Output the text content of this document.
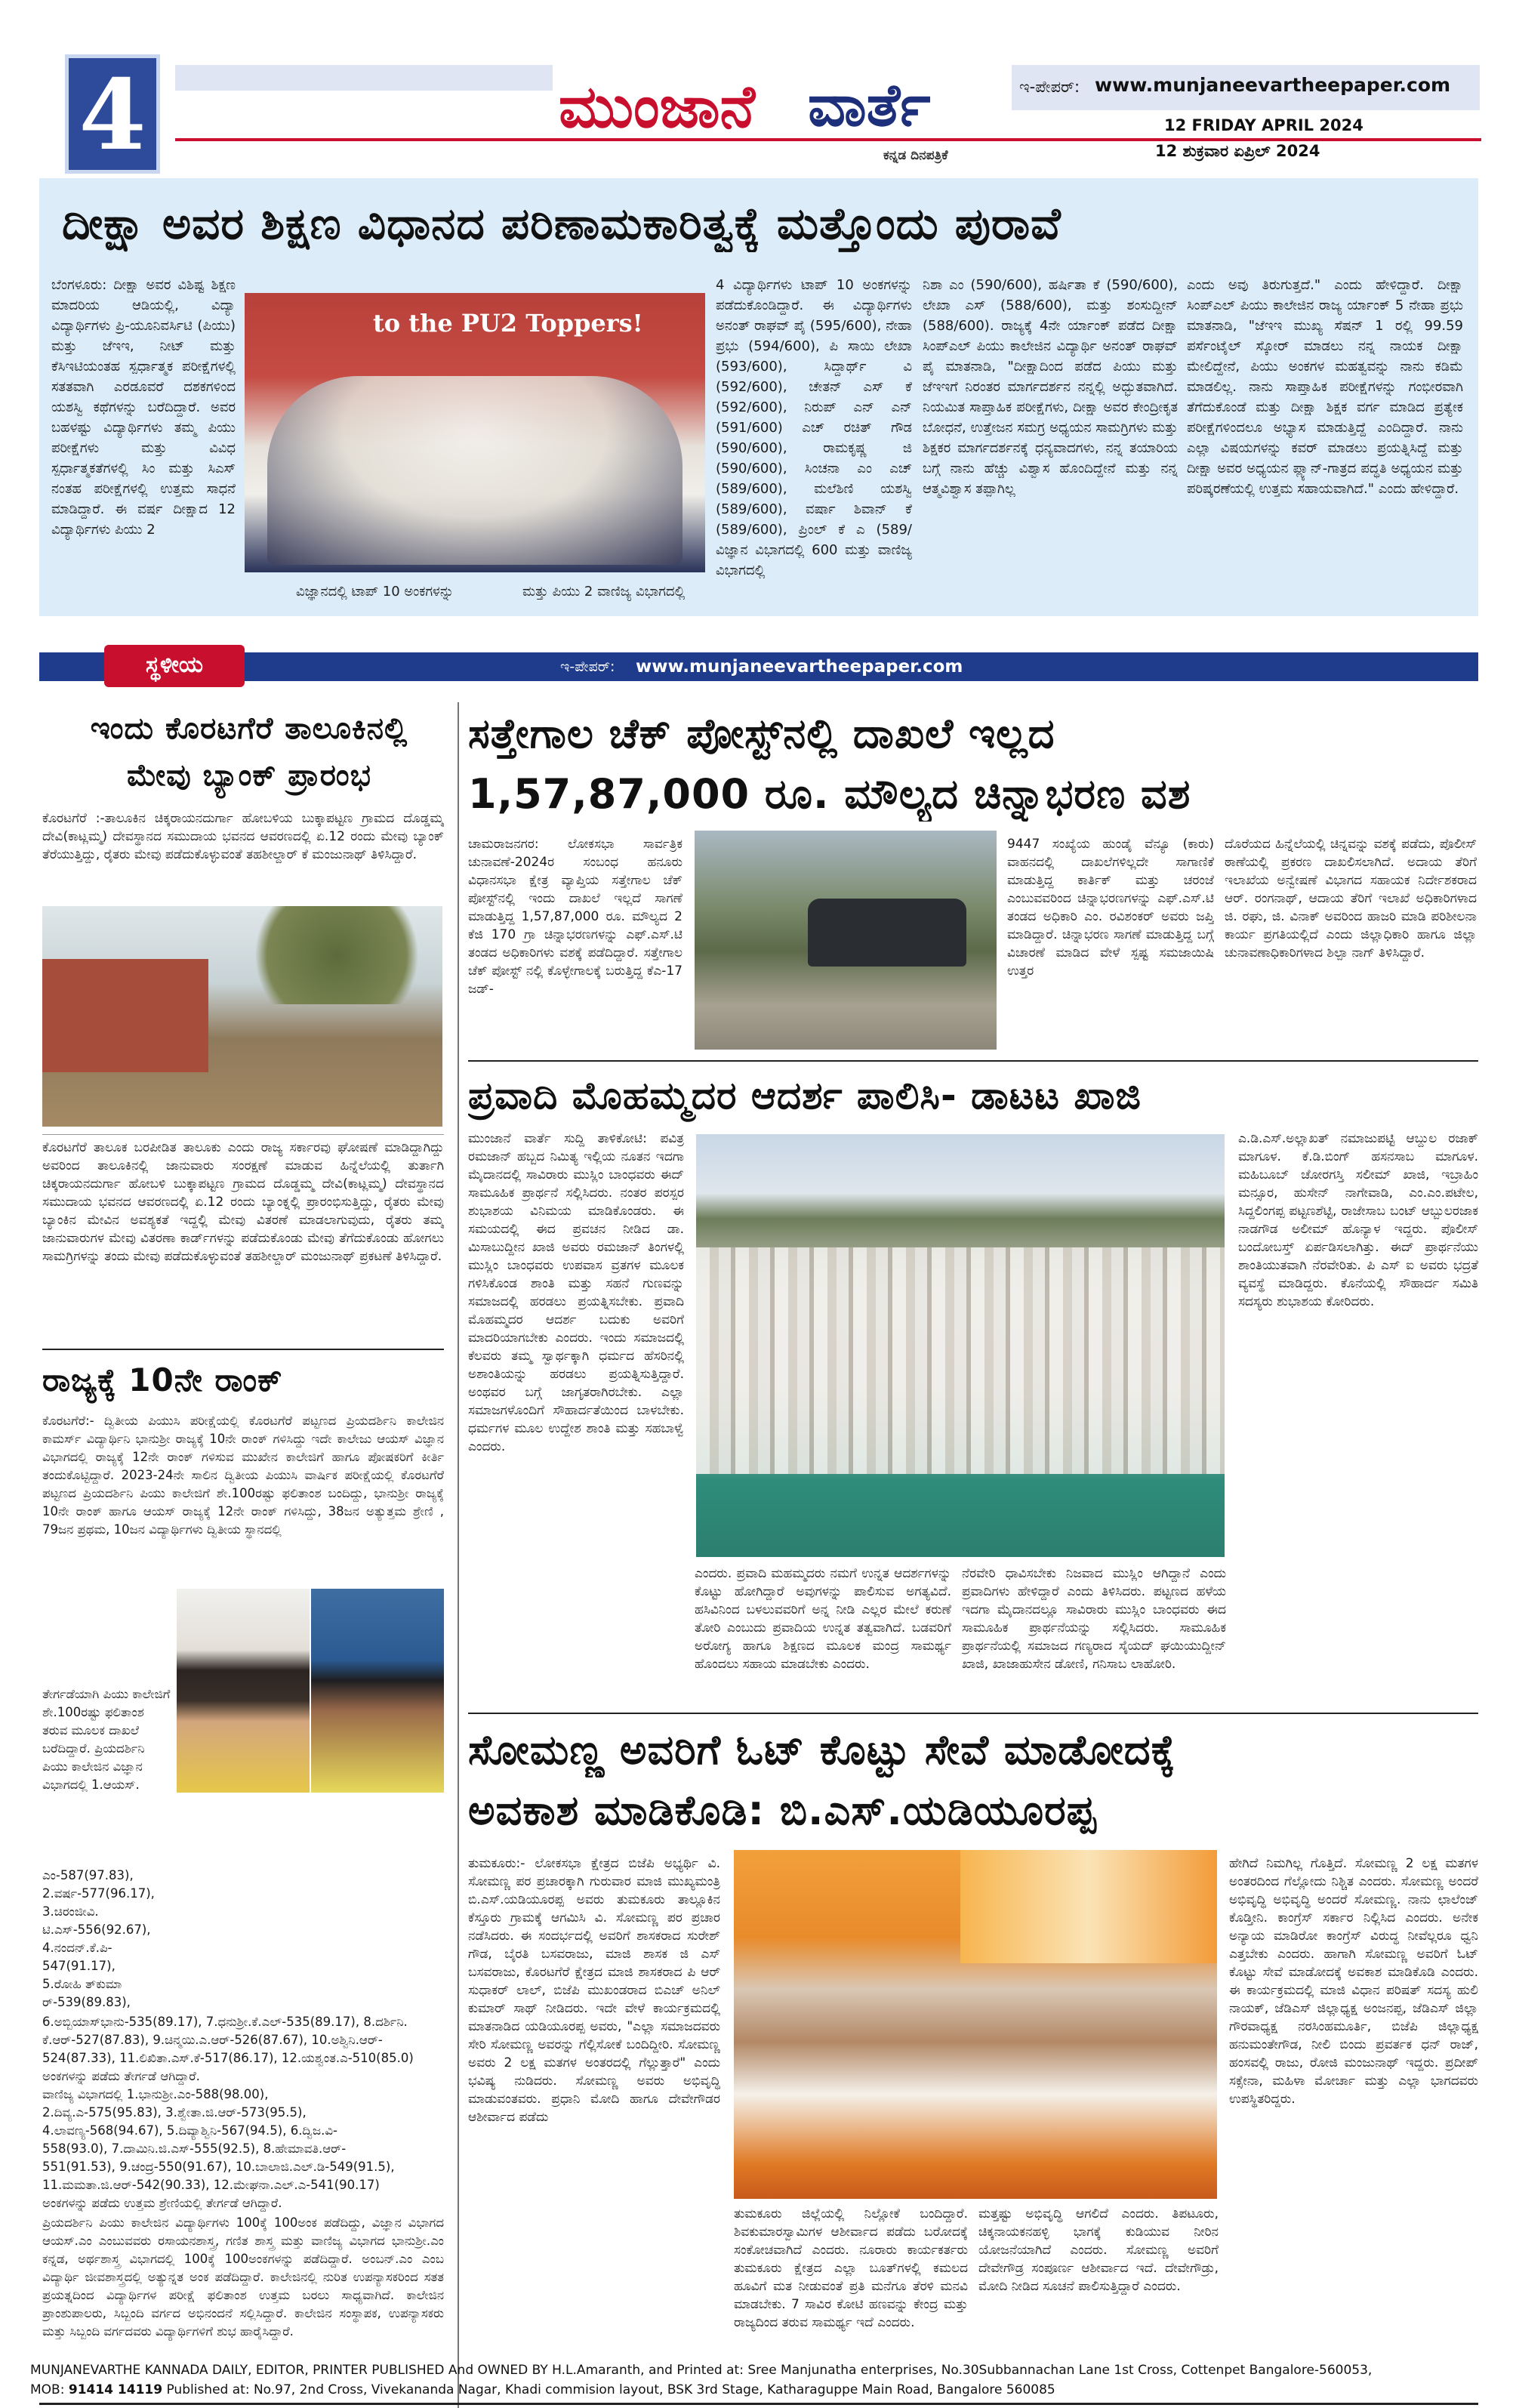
4	ಮುಂಜಾನೆ ವಾರ್ತೆ
ಕನ್ನಡ ದಿನಪತ್ರಿಕೆ
ಇ-ಪೇಪರ್: www.munjaneevartheepaper.com
12 FRIDAY APRIL 2024
12 ಶುಕ್ರವಾರ ಏಪ್ರಿಲ್ 2024
ದೀಕ್ಷಾ ಅವರ ಶಿಕ್ಷಣ ವಿಧಾನದ ಪರಿಣಾಮಕಾರಿತ್ವಕ್ಕೆ ಮತ್ತೊಂದು ಪುರಾವೆ

ಬೆಂಗಳೂರು: ದೀಕ್ಷಾ ಅವರ ವಿಶಿಷ್ಟ ಶಿಕ್ಷಣ ಮಾದರಿಯ ಆಡಿಯಲ್ಲಿ, ವಿದ್ಯಾ ವಿದ್ಯಾರ್ಥಿಗಳು ಪ್ರಿ-ಯೂನಿವರ್ಸಿಟಿ (ಪಿಯು) ಮತ್ತು ಜೆಇಇ, ನೀಟ್ ಮತ್ತು ಕೆಸಿಇಟಿಯಂತಹ ಸ್ಪರ್ಧಾತ್ಮಕ ಪರೀಕ್ಷೆಗಳಲ್ಲಿ ಸತತವಾಗಿ ಎರಡೂವರೆ ದಶಕಗಳಿಂದ ಯಶಸ್ವಿ ಕಥೆಗಳನ್ನು ಬರೆದಿದ್ದಾರೆ. ಅವರ ಬಹಳಷ್ಟು ವಿದ್ಯಾರ್ಥಿಗಳು ತಮ್ಮ ಪಿಯು ಪರೀಕ್ಷೆಗಳು ಮತ್ತು ವಿವಿಧ ಸ್ಪರ್ಧಾತ್ಮಕತೆಗಳಲ್ಲಿ ಸಿಂ ಮತ್ತು ಸಿಎಸ್ ನಂತಹ ಪರೀಕ್ಷೆಗಳಲ್ಲಿ ಉತ್ತಮ ಸಾಧನೆ ಮಾಡಿದ್ದಾರೆ. ಈ ವರ್ಷ ದೀಕ್ಷಾದ 12 ವಿದ್ಯಾರ್ಥಿಗಳು ಪಿಯು 2

to the PU2 Toppers!
ವಿಜ್ಞಾನದಲ್ಲಿ ಟಾಪ್ 10 ಅಂಕಗಳನ್ನು	ಮತ್ತು ಪಿಯು 2 ವಾಣಿಜ್ಯ ವಿಭಾಗದಲ್ಲಿ

4 ವಿದ್ಯಾರ್ಥಿಗಳು ಟಾಪ್ 10 ಅಂಕಗಳನ್ನು ಪಡೆದುಕೊಂಡಿದ್ದಾರೆ. ಈ ವಿದ್ಯಾರ್ಥಿಗಳು ಅನಂತ್ ರಾಘವ್ ಪೈ (595/600), ನೇಹಾ ಪ್ರಭು (594/600), ಪಿ ಸಾಯಿ ಲೇಖಾ (593/600), ಸಿದ್ದಾರ್ಥ್ ವಿ (592/600), ಚೇತನ್ ಎಸ್ ಕೆ (592/600), ನಿರುಪ್ ಎನ್ ಎನ್ (591/600) ಎಚ್ ರಚಿತ್ ಗೌಡ (590/600), ರಾಮಕೃಷ್ಣ ಜಿ (590/600), ಸಿಂಚನಾ ಎಂ ಎಚ್ (589/600), ಮಲೆಶಿಣಿ ಯಶಸ್ವಿ (589/600), ವರ್ಷಾ ಶಿವಾನ್ ಕೆ (589/600), ಪ್ರಿಂಲ್ ಕೆ ಎ (589/ ವಿಜ್ಞಾನ ವಿಭಾಗದಲ್ಲಿ 600 ಮತ್ತು ವಾಣಿಜ್ಯ ವಿಭಾಗದಲ್ಲಿ

ನಿಶಾ ಎಂ (590/600), ಹರ್ಷಿತಾ ಕೆ (590/600), ಲೇಖಾ ಎಸ್ (588/600), ಮತ್ತು ಶಂಸುದ್ದೀನ್ (588/600). ರಾಜ್ಯಕ್ಕೆ 4ನೇ ರ್ಯಾಂಕ್ ಪಡೆದ ದೀಕ್ಷಾ ಸಿಂಪ್ಎಲ್ ಪಿಯು ಕಾಲೇಜಿನ ವಿದ್ಯಾರ್ಥಿ ಅನಂತ್ ರಾಘವ್ ಪೈ ಮಾತನಾಡಿ, "ದೀಕ್ಷಾದಿಂದ ಪಡೆದ ಪಿಯು ಮತ್ತು ಜೆಇಇಗೆ ನಿರಂತರ ಮಾರ್ಗದರ್ಶನ ನನ್ನಲ್ಲಿ ಅದ್ಭುತವಾಗಿದೆ. ನಿಯಮಿತ ಸಾಪ್ತಾಹಿಕ ಪರೀಕ್ಷೆಗಳು, ದೀಕ್ಷಾ ಅವರ ಕೇಂದ್ರೀಕೃತ ಬೋಧನೆ, ಉತ್ತೇಜನ ಸಮಗ್ರ ಅಧ್ಯಯನ ಸಾಮಗ್ರಿಗಳು ಮತ್ತು ಶಿಕ್ಷಕರ ಮಾರ್ಗದರ್ಶನಕ್ಕೆ ಧನ್ಯವಾದಗಳು, ನನ್ನ ತಯಾರಿಯ ಬಗ್ಗೆ ನಾನು ಹೆಚ್ಚು ವಿಶ್ವಾಸ ಹೊಂದಿದ್ದೇನೆ ಮತ್ತು ನನ್ನ ಆತ್ಮವಿಶ್ವಾಸ ತಪ್ಪಾಗಿಲ್ಲ

ಎಂದು ಅವು ತಿರುಗುತ್ತದೆ." ಎಂದು ಹೇಳಿದ್ದಾರೆ. ದೀಕ್ಷಾ ಸಿಂಪ್ಎಲ್ ಪಿಯು ಕಾಲೇಜಿನ ರಾಜ್ಯ ರ್ಯಾಂಕ್ 5 ನೇಹಾ ಪ್ರಭು ಮಾತನಾಡಿ, "ಜೆಇಇ ಮುಖ್ಯ ಸೆಷನ್ 1 ರಲ್ಲಿ 99.59 ಪರ್ಸೆಂಟೈಲ್ ಸ್ಕೋರ್ ಮಾಡಲು ನನ್ನ ನಾಯಕ ದೀಕ್ಷಾ ಮೇಲಿದ್ದೇನೆ, ಪಿಯು ಅಂಕಗಳ ಮಹತ್ವವನ್ನು ನಾನು ಕಡಿಮೆ ಮಾಡಲಿಲ್ಲ. ನಾನು ಸಾಪ್ತಾಹಿಕ ಪರೀಕ್ಷೆಗಳನ್ನು ಗಂಭೀರವಾಗಿ ತೆಗೆದುಕೊಂಡೆ ಮತ್ತು ದೀಕ್ಷಾ ಶಿಕ್ಷಕ ವರ್ಗ ಮಾಡಿದ ಪ್ರತ್ಯೇಕ ಪರೀಕ್ಷೆಗಳಿಂದಲೂ ಅಭ್ಯಾಸ ಮಾಡುತ್ತಿದ್ದೆ ಎಂದಿದ್ದಾರೆ. ನಾನು ಎಲ್ಲಾ ವಿಷಯಗಳನ್ನು ಕವರ್ ಮಾಡಲು ಪ್ರಯತ್ನಿಸಿದ್ದೆ ಮತ್ತು ದೀಕ್ಷಾ ಅವರ ಅಧ್ಯಯನ ಪ್ಲ್ಯಾನ್-ಗಾತ್ರದ ಪದ್ಧತಿ ಅಧ್ಯಯನ ಮತ್ತು ಪರಿಷ್ಕರಣೆಯಲ್ಲಿ ಉತ್ತಮ ಸಹಾಯವಾಗಿದೆ." ಎಂದು ಹೇಳಿದ್ದಾರೆ.

ಸ್ಥಳೀಯ	ಇ-ಪೇಪರ್: www.munjaneevartheepaper.com
ಇಂದು ಕೊರಟಗೆರೆ ತಾಲೂಕಿನಲ್ಲಿ ಮೇವು ಬ್ಯಾಂಕ್ ಪ್ರಾರಂಭ

ಕೊರಟಗೆರೆ :-ತಾಲೂಕಿನ ಚಿಕ್ಕರಾಯನದುರ್ಗಾ ಹೋಬಳಿಯ ಬುಕ್ಕಾಪಟ್ಟಣ ಗ್ರಾಮದ ದೊಡ್ಡಮ್ಮ ದೇವಿ(ಕಾಟ್ಲಮ್ಮ) ದೇವಸ್ಥಾನದ ಸಮುದಾಯ ಭವನದ ಆವರಣದಲ್ಲಿ ಏ.12 ರಂದು ಮೇವು ಬ್ಯಾಂಕ್ ತೆರೆಯುತ್ತಿದ್ದು, ರೈತರು ಮೇವು ಪಡೆದುಕೊಳ್ಳುವಂತೆ ತಹಶೀಲ್ದಾರ್ ಕೆ ಮಂಜುನಾಥ್ ತಿಳಿಸಿದ್ದಾರೆ.

ಕೊರಟಗೆರೆ ತಾಲೂಕ ಬರಪೀಡಿತ ತಾಲೂಕು ಎಂದು ರಾಜ್ಯ ಸರ್ಕಾರವು ಘೋಷಣೆ ಮಾಡಿದ್ದಾಗಿದ್ದು ಅವರಿಂದ ತಾಲೂಕಿನಲ್ಲಿ ಜಾನುವಾರು ಸಂರಕ್ಷಣೆ ಮಾಡುವ ಹಿನ್ನೆಲೆಯಲ್ಲಿ ತುರ್ತಾಗಿ ಚಿಕ್ಕರಾಯನದುರ್ಗಾ ಹೋಬಳಿ ಬುಕ್ಕಾಪಟ್ಟಣ ಗ್ರಾಮದ ದೊಡ್ಡಮ್ಮ ದೇವಿ(ಕಾಟ್ಲಮ್ಮ) ದೇವಸ್ಥಾನದ ಸಮುದಾಯ ಭವನದ ಆವರಣದಲ್ಲಿ ಏ.12 ರಂದು ಬ್ಯಾಂಕ್ನಲ್ಲಿ ಪ್ರಾರಂಭಿಸುತ್ತಿದ್ದು, ರೈತರು ಮೇವು ಬ್ಯಾಂಕಿನ ಮೇವಿನ ಅವಶ್ಯಕತೆ ಇದ್ದಲ್ಲಿ ಮೇವು ವಿತರಣೆ ಮಾಡಲಾಗುವುದು, ರೈತರು ತಮ್ಮ ಜಾನುವಾರುಗಳ ಮೇವು ವಿತರಣಾ ಕಾರ್ಡ್‌ಗಳನ್ನು ಪಡೆದುಕೊಂಡು ಮೇವು ತೆಗೆದುಕೊಂಡು ಹೋಗಲು ಸಾಮಗ್ರಿಗಳನ್ನು ತಂದು ಮೇವು ಪಡೆದುಕೊಳ್ಳುವಂತೆ ತಹಶೀಲ್ದಾರ್ ಮಂಜುನಾಥ್ ಪ್ರಕಟಣೆ ತಿಳಿಸಿದ್ದಾರೆ.

ರಾಜ್ಯಕ್ಕೆ 10ನೇ ರಾಂಕ್

ಕೊರಟಗೆರೆ:- ದ್ವಿತೀಯ ಪಿಯುಸಿ ಪರೀಕ್ಷೆಯಲ್ಲಿ ಕೊರಟಗೆರೆ ಪಟ್ಟಣದ ಪ್ರಿಯದರ್ಶಿನಿ ಕಾಲೇಜಿನ ಕಾಮರ್ಸ್ ವಿದ್ಯಾರ್ಥಿನಿ ಭಾನುಶ್ರೀ ರಾಜ್ಯಕ್ಕೆ 10ನೇ ರಾಂಕ್ ಗಳಿಸಿದ್ದು ಇದೇ ಕಾಲೇಜು ಆಯಸ್ ವಿಜ್ಞಾನ ವಿಭಾಗದಲ್ಲಿ ರಾಜ್ಯಕ್ಕೆ 12ನೇ ರಾಂಕ್ ಗಳಿಸುವ ಮುಖೇನ ಕಾಲೇಜಿಗೆ ಹಾಗೂ ಪೋಷಕರಿಗೆ ಕೀರ್ತಿ ತಂದುಕೊಟ್ಟಿದ್ದಾರೆ. 2023-24ನೇ ಸಾಲಿನ ದ್ವಿತೀಯ ಪಿಯುಸಿ ವಾರ್ಷಿಕ ಪರೀಕ್ಷೆಯಲ್ಲಿ ಕೊರಟಗೆರೆ ಪಟ್ಟಣದ ಪ್ರಿಯದರ್ಶಿನಿ ಪಿಯು ಕಾಲೇಜಿಗೆ ಶೇ.100ರಷ್ಟು ಫಲಿತಾಂಶ ಬಂದಿದ್ದು, ಭಾನುಶ್ರೀ ರಾಜ್ಯಕ್ಕೆ 10ನೇ ರಾಂಕ್ ಹಾಗೂ ಆಯಸ್ ರಾಜ್ಯಕ್ಕೆ 12ನೇ ರಾಂಕ್ ಗಳಿಸಿದ್ದು, 38ಜನ ಅತ್ಯುತ್ತಮ ಶ್ರೇಣಿ , 79ಜನ ಪ್ರಥಮ, 10ಜನ ವಿದ್ಯಾರ್ಥಿಗಳು ದ್ವಿತೀಯ ಸ್ಥಾನದಲ್ಲಿ

ತೇರ್ಗಡೆಯಾಗಿ ಪಿಯು ಕಾಲೇಜಿಗೆ ಶೇ.100ರಷ್ಟು ಫಲಿತಾಂಶ ತರುವ ಮೂಲಕ ದಾಖಲೆ ಬರೆದಿದ್ದಾರೆ. ಪ್ರಿಯದರ್ಶಿನಿ ಪಿಯು ಕಾಲೇಜಿನ ವಿಜ್ಞಾನ ವಿಭಾಗದಲ್ಲಿ 1.ಆಯಸ್.

ಎಂ-587(97.83),
2.ವರ್ಷ-577(96.17),
3.ಚಿರಂಜೀವಿ.
ಟಿ.ಎಸ್-556(92.67),
4.ನಂದನ್.ಕೆ.ಪಿ-
547(91.17),
5.ರೋಹಿ ತ್‌ಕುಮಾ
ರ್-539(89.83),
6.ಅಬ್ಬಿಯಾಸ್‌ಭಾನು-535(89.17), 7.ಧನುಶ್ರೀ.ಕೆ.ಎಲ್-535(89.17), 8.ದರ್ಶಿನಿ.
ಕೆ.ಆರ್-527(87.83), 9.ಚಿನ್ಮಯಿ.ಎ.ಆರ್-526(87.67), 10.ಅಶ್ವಿನಿ.ಆರ್-
524(87.33), 11.ಲಿಖಿತಾ.ಎಸ್.ಕೆ-517(86.17), 12.ಯಶ್ವಂತ.ಎ-510(85.0)
ಅಂಕಗಳನ್ನು ಪಡೆದು ತೇರ್ಗಡೆ ಆಗಿದ್ದಾರೆ.
ವಾಣಿಜ್ಯ ವಿಭಾಗದಲ್ಲಿ 1.ಭಾನುಶ್ರೀ.ಎಂ-588(98.00),
2.ದಿವ್ಯ.ಎ-575(95.83), 3.ಶ್ವೇತಾ.ಜಿ.ಆರ್-573(95.5),
4.ಲಾವಣ್ಯ-568(94.67), 5.ದಿವ್ಯಾಶ್ವಿನಿ-567(94.5), 6.ದ್ವಿಜ.ವಿ-
558(93.0), 7.ದಾಮಿನಿ.ಜಿ.ಎಸ್-555(92.5), 8.ಹೇಮಾವತಿ.ಆರ್-
551(91.53), 9.ಚಂದ್ರ-550(91.67), 10.ಬಾಲಾಜಿ.ಎಲ್.ಡಿ-549(91.5),
11.ಮಮತಾ.ಜಿ.ಆರ್-542(90.33), 12.ಮೇಘನಾ.ಎಲ್.ಎ-541(90.17)
ಅಂಕಗಳನ್ನು ಪಡೆದು ಉತ್ತಮ ಶ್ರೇಣಿಯಲ್ಲಿ ತೇರ್ಗಡೆ ಆಗಿದ್ದಾರೆ.

ಪ್ರಿಯದರ್ಶಿನಿ ಪಿಯು ಕಾಲೇಜಿನ ವಿದ್ಯಾರ್ಥಿಗಳು 100ಕ್ಕೆ 100ಅಂಕ ಪಡೆದಿದ್ದು, ವಿಜ್ಞಾನ ವಿಭಾಗದ ಆಯಸ್.ಎಂ ಎಂಬುವವರು ರಸಾಯನಶಾಸ್ತ್ರ, ಗಣಿತ ಶಾಸ್ತ್ರ ಮತ್ತು ವಾಣಿಜ್ಯ ವಿಭಾಗದ ಭಾನುಶ್ರೀ.ಎಂ ಕನ್ನಡ, ಅರ್ಥಶಾಸ್ತ್ರ ವಿಭಾಗದಲ್ಲಿ 100ಕ್ಕೆ 100ಅಂಕಗಳನ್ನು ಪಡೆದಿದ್ದಾರೆ. ಅಂಬನ್.ಎಂ ಎಂಬ ವಿದ್ಯಾರ್ಥಿ ಜೀವಶಾಸ್ತ್ರದಲ್ಲಿ ಅತ್ಯುನ್ನತ ಅಂಕ ಪಡೆದಿದ್ದಾರೆ. ಕಾಲೇಜಿನಲ್ಲಿ ನುರಿತ ಉಪನ್ಯಾಸಕರಿಂದ ಸತತ ಪ್ರಯತ್ನದಿಂದ ವಿದ್ಯಾರ್ಥಿಗಳ ಪರೀಕ್ಷೆ ಫಲಿತಾಂಶ ಉತ್ತಮ ಬರಲು ಸಾಧ್ಯವಾಗಿದೆ. ಕಾಲೇಜಿನ ಪ್ರಾಂಶುಪಾಲರು, ಸಿಬ್ಬಂದಿ ವರ್ಗದ ಅಭಿನಂದನೆ ಸಲ್ಲಿಸಿದ್ದಾರೆ. ಕಾಲೇಜಿನ ಸಂಸ್ಥಾಪಕ, ಉಪನ್ಯಾಸಕರು ಮತ್ತು ಸಿಬ್ಬಂದಿ ವರ್ಗದವರು ವಿದ್ಯಾರ್ಥಿಗಳಿಗೆ ಶುಭ ಹಾರೈಸಿದ್ದಾರೆ.

ಸತ್ತೇಗಾಲ ಚೆಕ್ ಪೋಸ್ಟ್‌ನಲ್ಲಿ ದಾಖಲೆ ಇಲ್ಲದ
1,57,87,000 ರೂ. ಮೌಲ್ಯದ ಚಿನ್ನಾಭರಣ ವಶ

ಚಾಮರಾಜನಗರ: ಲೋಕಸಭಾ ಸಾರ್ವತ್ರಿಕ ಚುನಾವಣೆ-2024ರ ಸಂಬಂಧ ಹನೂರು ವಿಧಾನಸಭಾ ಕ್ಷೇತ್ರ ವ್ಯಾಪ್ತಿಯ ಸತ್ತೇಗಾಲ ಚೆಕ್ ಪೋಸ್ಟ್‌ನಲ್ಲಿ ಇಂದು ದಾಖಲೆ ಇಲ್ಲದೆ ಸಾಗಣೆ ಮಾಡುತ್ತಿದ್ದ 1,57,87,000 ರೂ. ಮೌಲ್ಯದ 2 ಕೆಜಿ 170 ಗ್ರಾ ಚಿನ್ನಾಭರಣಗಳನ್ನು ಎಫ್.ಎಸ್.ಟಿ ತಂಡದ ಅಧಿಕಾರಿಗಳು ವಶಕ್ಕೆ ಪಡೆದಿದ್ದಾರೆ. ಸತ್ತೇಗಾಲ ಚೆಕ್ ಪೋಸ್ಟ್ ನಲ್ಲಿ ಕೊಳ್ಳೇಗಾಲಕ್ಕೆ ಬರುತ್ತಿದ್ದ ಕೆಎ-17 ಜಡ್-

9447 ಸಂಖ್ಯೆಯ ಹುಂಡೈ ವೆನ್ಯೂ (ಕಾರು) ವಾಹನದಲ್ಲಿ ದಾಖಲೆಗಳಿಲ್ಲದೇ ಸಾಗಾಣಿಕೆ ಮಾಡುತ್ತಿದ್ದ ಕಾರ್ತಿಕ್ ಮತ್ತು ಚರಂಜೆ ಎಂಬುವವರಿಂದ ಚಿನ್ನಾಭರಣಗಳನ್ನು ಎಫ್.ಎಸ್.ಟಿ ತಂಡದ ಅಧಿಕಾರಿ ಎಂ. ರವಿಶಂಕರ್ ಅವರು ಜಪ್ತಿ ಮಾಡಿದ್ದಾರೆ. ಚಿನ್ನಾಭರಣ ಸಾಗಣೆ ಮಾಡುತ್ತಿದ್ದ ಬಗ್ಗೆ ವಿಚಾರಣೆ ಮಾಡಿದ ವೇಳೆ ಸ್ಪಷ್ಟ ಸಮಜಾಯಿಷಿ ಉತ್ತರ

ದೊರೆಯದ ಹಿನ್ನೆಲೆಯಲ್ಲಿ ಚಿನ್ನವನ್ನು ವಶಕ್ಕೆ ಪಡೆದು, ಪೊಲೀಸ್ ಠಾಣೆಯಲ್ಲಿ ಪ್ರಕರಣ ದಾಖಲಿಸಲಾಗಿದೆ. ಅದಾಯ ತೆರಿಗೆ ಇಲಾಖೆಯ ಅನ್ವೇಷಣೆ ವಿಭಾಗದ ಸಹಾಯಕ ನಿರ್ದೇಶಕರಾದ ಆರ್. ರಂಗನಾಥ್, ಆದಾಯ ತೆರಿಗೆ ಇಲಾಖೆ ಅಧಿಕಾರಿಗಳಾದ ಜಿ. ರಘು, ಜಿ. ವಿನಾಕ್ ಅವರಿಂದ ಹಾಜರಿ ಮಾಡಿ ಪರಿಶೀಲನಾ ಕಾರ್ಯ ಪ್ರಗತಿಯಲ್ಲಿದೆ ಎಂದು ಜಿಲ್ಲಾಧಿಕಾರಿ ಹಾಗೂ ಜಿಲ್ಲಾ ಚುನಾವಣಾಧಿಕಾರಿಗಳಾದ ಶಿಲ್ಪಾ ನಾಗ್ ತಿಳಿಸಿದ್ದಾರೆ.

ಪ್ರವಾದಿ ಮೊಹಮ್ಮದರ ಆದರ್ಶ ಪಾಲಿಸಿ- ಡಾಟಟ ಖಾಜಿ

ಮುಂಜಾನೆ ವಾರ್ತೆ ಸುದ್ದಿ ತಾಳಿಕೋಟಿ: ಪವಿತ್ರ ರಮಜಾನ್ ಹಬ್ಬದ ನಿಮಿತ್ಯ ಇಲ್ಲಿಯ ನೂತನ ಇದಗಾ ಮೈದಾನದಲ್ಲಿ ಸಾವಿರಾರು ಮುಸ್ಲಿಂ ಬಾಂಧವರು ಈದ್ ಸಾಮೂಹಿಕ ಪ್ರಾರ್ಥನೆ ಸಲ್ಲಿಸಿದರು. ನಂತರ ಪರಸ್ಪರ ಶುಭಾಶಯ ವಿನಿಮಯ ಮಾಡಿಕೊಂಡರು. ಈ ಸಮಯದಲ್ಲಿ ಈದ ಪ್ರವಚನ ನೀಡಿದ ಡಾ. ಮಿಸಾಬುದ್ದೀನ ಖಾಜಿ ಅವರು ರಮಜಾನ್ ತಿಂಗಳಲ್ಲಿ ಮುಸ್ಲಿಂ ಬಾಂಧವರು ಉಪವಾಸ ವ್ರತಗಳ ಮೂಲಕ ಗಳಿಸಿಕೊಂಡ ಶಾಂತಿ ಮತ್ತು ಸಹನೆ ಗುಣವನ್ನು ಸಮಾಜದಲ್ಲಿ ಹರಡಲು ಪ್ರಯತ್ನಿಸಬೇಕು. ಪ್ರವಾದಿ ಮೊಹಮ್ಮದರ ಆದರ್ಶ ಬದುಕು ಅವರಿಗೆ ಮಾದರಿಯಾಗಬೇಕು ಎಂದರು. ಇಂದು ಸಮಾಜದಲ್ಲಿ ಕೆಲವರು ತಮ್ಮ ಸ್ವಾರ್ಥಕ್ಕಾಗಿ ಧರ್ಮದ ಹೆಸರಿನಲ್ಲಿ ಅಶಾಂತಿಯನ್ನು ಹರಡಲು ಪ್ರಯತ್ನಿಸುತ್ತಿದ್ದಾರೆ. ಅಂಥವರ ಬಗ್ಗೆ ಜಾಗೃತರಾಗಿರಬೇಕು. ಎಲ್ಲಾ ಸಮಾಜಗಳೊಂದಿಗೆ ಸೌಹಾರ್ದತೆಯಿಂದ ಬಾಳಬೇಕು. ಧರ್ಮಗಳ ಮೂಲ ಉದ್ದೇಶ ಶಾಂತಿ ಮತ್ತು ಸಹಬಾಳ್ವೆ ಎಂದರು.

ಎ.ಡಿ.ಎಸ್.ಅಲ್ಲಾಖತ್ ನಮಾಜುಪಟ್ಟಿ ಆಬ್ದುಲ ರಜಾಕ್ ಮಾಗೂಳ. ಕೆ.ಡಿ.ಬಿಂಗ್ ಹಸನಸಾಬ ಮಾಗೂಳ. ಮಹಿಬೂಬ್ ಚೋರಗಸ್ತಿ ಸಲೀಮ್ ಖಾಜಿ, ಇಬ್ರಾಹಿಂ ಮನ್ಸೂರ, ಹುಸೇನ್ ನಾಗೇವಾಡಿ, ಎಂ.ಎಂ.ಪಟೇಲ, ಸಿದ್ದಲಿಂಗಪ್ಪ ಪಟ್ಟಣಶೆಟ್ಟಿ, ರಾಜೇಸಾಬ ಬಂಟ್ ಆಬ್ಬುಲರಜಾಕ ನಾಡಗೌಡ ಅಲೀಮ್ ಹೊನ್ಯಾಳ ಇದ್ದರು. ಪೊಲೀಸ್ ಬಂದೋಬಸ್ತ್ ಏರ್ಪಡಿಸಲಾಗಿತ್ತು. ಈದ್ ಪ್ರಾರ್ಥನೆಯು ಶಾಂತಿಯುತವಾಗಿ ನೆರವೇರಿತು. ಪಿ ಎಸ್ ಐ ಅವರು ಭದ್ರತೆ ವ್ಯವಸ್ಥೆ ಮಾಡಿದ್ದರು. ಕೊನೆಯಲ್ಲಿ ಸೌಹಾರ್ದ ಸಮಿತಿ ಸದಸ್ಯರು ಶುಭಾಶಯ ಕೋರಿದರು.

ಎಂದರು. ಪ್ರವಾದಿ ಮಹಮ್ಮದರು ನಮಗೆ ಉನ್ನತ ಆದರ್ಶಗಳನ್ನು ಕೊಟ್ಟು ಹೋಗಿದ್ದಾರೆ ಅವುಗಳನ್ನು ಪಾಲಿಸುವ ಅಗತ್ಯವಿದೆ. ಹಸಿವಿನಿಂದ ಬಳಲುವವರಿಗೆ ಅನ್ನ ನೀಡಿ ಎಲ್ಲರ ಮೇಲೆ ಕರುಣೆ ತೋರಿ ಎಂಬುದು ಪ್ರವಾದಿಯ ಉನ್ನತ ತತ್ವವಾಗಿದೆ. ಬಡವರಿಗೆ ಅರೋಗ್ಯ ಹಾಗೂ ಶಿಕ್ಷಣದ ಮೂಲಕ ಮಂದ್ರ ಸಾಮರ್ಥ್ಯ ಹೊಂದಲು ಸಹಾಯ ಮಾಡಬೇಕು ಎಂದರು.

ನೆರವೇರಿ ಧಾವಿಸಬೇಕು ನಿಜವಾದ ಮುಸ್ಲಿಂ ಆಗಿದ್ದಾನೆ ಎಂದು ಪ್ರವಾದಿಗಳು ಹೇಳಿದ್ದಾರೆ ಎಂದು ತಿಳಿಸಿದರು. ಪಟ್ಟಣದ ಹಳೆಯ ಇದಗಾ ಮೈದಾನದಲ್ಲೂ ಸಾವಿರಾರು ಮುಸ್ಲಿಂ ಬಾಂಧವರು ಈದ ಸಾಮೂಹಿಕ ಪ್ರಾರ್ಥನೆಯನ್ನು ಸಲ್ಲಿಸಿದರು. ಸಾಮೂಹಿಕ ಪ್ರಾರ್ಥನೆಯಲ್ಲಿ ಸಮಾಜದ ಗಣ್ಯರಾದ ಸೈಯದ್ ಘಯಿಯುದ್ದೀನ್ ಖಾಜಿ, ಖಾಜಾಹುಸೇನ ಡೋಣಿ, ಗನಿಸಾಬ ಲಾಹೋರಿ.

ಸೋಮಣ್ಣ ಅವರಿಗೆ ಓಟ್ ಕೊಟ್ಟು ಸೇವೆ ಮಾಡೋದಕ್ಕೆ
ಅವಕಾಶ ಮಾಡಿಕೊಡಿ: ಬಿ.ಎಸ್.ಯಡಿಯೂರಪ್ಪ

ತುಮಕೂರು:- ಲೋಕಸಭಾ ಕ್ಷೇತ್ರದ ಬಿಜೆಪಿ ಅಭ್ಯರ್ಥಿ ವಿ. ಸೋಮಣ್ಣ ಪರ ಪ್ರಚಾರಕ್ಕಾಗಿ ಗುರುವಾರ ಮಾಜಿ ಮುಖ್ಯಮಂತ್ರಿ ಬಿ.ಎಸ್.ಯಡಿಯೂರಪ್ಪ ಅವರು ತುಮಕೂರು ತಾಲ್ಲೂಕಿನ ಕೆಸ್ತೂರು ಗ್ರಾಮಕ್ಕೆ ಆಗಮಿಸಿ ವಿ. ಸೋಮಣ್ಣ ಪರ ಪ್ರಚಾರ ನಡೆಸಿದರು. ಈ ಸಂದರ್ಭದಲ್ಲಿ ಅವರಿಗೆ ಶಾಸಕರಾದ ಸುರೇಶ್ ಗೌಡ, ಬೈರತಿ ಬಸವರಾಜು, ಮಾಜಿ ಶಾಸಕ ಜಿ ಎಸ್ ಬಸವರಾಜು, ಕೊರಟಗೆರೆ ಕ್ಷೇತ್ರದ ಮಾಜಿ ಶಾಸಕರಾದ ಪಿ ಆರ್ ಸುಧಾಕರ್ ಲಾಲ್, ಬಿಜೆಪಿ ಮುಖಂಡರಾದ ಬಿಎಚ್ ಅನಿಲ್ ಕುಮಾರ್ ಸಾಥ್ ನೀಡಿದರು. ಇದೇ ವೇಳೆ ಕಾರ್ಯಕ್ರಮದಲ್ಲಿ ಮಾತನಾಡಿದ ಯಡಿಯೂರಪ್ಪ ಅವರು, "ಎಲ್ಲಾ ಸಮಾಜದವರು ಸೇರಿ ಸೋಮಣ್ಣ ಅವರನ್ನು ಗೆಲ್ಲಿಸೋಕೆ ಬಂದಿದ್ದೀರಿ. ಸೋಮಣ್ಣ ಅವರು 2 ಲಕ್ಷ ಮತಗಳ ಅಂತರದಲ್ಲಿ ಗೆಲ್ಲುತ್ತಾರೆ" ಎಂದು ಭವಿಷ್ಯ ನುಡಿದರು. ಸೋಮಣ್ಣ ಅವರು ಅಭಿವೃದ್ಧಿ ಮಾಡುವಂತವರು. ಪ್ರಧಾನಿ ಮೋದಿ ಹಾಗೂ ದೇವೇಗೌಡರ ಆಶೀರ್ವಾದ ಪಡೆದು

ತುಮಕೂರು ಜಿಲ್ಲೆಯಲ್ಲಿ ನಿಲ್ಲೋಕೆ ಬಂದಿದ್ದಾರೆ. ಶಿವಕುಮಾರಸ್ವಾಮಿಗಳ ಆಶೀರ್ವಾದ ಪಡೆದು ಬರೋದಕ್ಕೆ ಸಂಕೋಚವಾಗಿದೆ ಎಂದರು. ನೂರಾರು ಕಾರ್ಯಕರ್ತರು ತುಮಕೂರು ಕ್ಷೇತ್ರದ ಎಲ್ಲಾ ಬೂತ್‌ಗಳಲ್ಲಿ ಕಮಲದ ಹೂವಿಗೆ ಮತ ನೀಡುವಂತೆ ಪ್ರತಿ ಮನೆಗೂ ತೆರಳಿ ಮನವಿ ಮಾಡಬೇಕು. 7 ಸಾವಿರ ಕೋಟಿ ಹಣವನ್ನು ಕೇಂದ್ರ ಮತ್ತು ರಾಜ್ಯದಿಂದ ತರುವ ಸಾಮರ್ಥ್ಯ ಇದೆ ಎಂದರು.

ಮತ್ತಷ್ಟು ಅಭಿವೃದ್ಧಿ ಆಗಲಿದೆ ಎಂದರು. ತಿಪಟೂರು, ಚಿಕ್ಕನಾಯಕನಹಳ್ಳಿ ಭಾಗಕ್ಕೆ ಕುಡಿಯುವ ನೀರಿನ ಯೋಜನೆಯಾಗಿದೆ ಎಂದರು. ಸೋಮಣ್ಣ ಅವರಿಗೆ ದೇವೇಗೌಡ್ರ ಸಂಪೂರ್ಣ ಆಶೀರ್ವಾದ ಇದೆ. ದೇವೇಗೌಡ್ರು, ಮೋದಿ ನೀಡಿದ ಸೂಚನೆ ಪಾಲಿಸುತ್ತಿದ್ದಾರೆ ಎಂದರು.

ಹೇಗಿದೆ ನಿಮಗಿಲ್ಲ ಗೊತ್ತಿದೆ. ಸೋಮಣ್ಣ 2 ಲಕ್ಷ ಮತಗಳ ಅಂತರದಿಂದ ಗೆಲ್ಲೋದು ನಿಶ್ಚಿತ ಎಂದರು. ಸೋಮಣ್ಣ ಅಂದರೆ ಅಭಿವೃದ್ಧಿ ಅಭಿವೃದ್ಧಿ ಅಂದರೆ ಸೋಮಣ್ಣ. ನಾನು ಛಾಲೆಂಜ್ ಕೊಡ್ತೀನಿ. ಕಾಂಗ್ರೆಸ್ ಸರ್ಕಾರ ನಿಲ್ಲಿಸಿದ ಎಂದರು. ಅನೇಕ ಅನ್ಯಾಯ ಮಾಡಿರೋ ಕಾಂಗ್ರೆಸ್ ವಿರುದ್ಧ ನೀವೆಲ್ಲರೂ ಧ್ವನಿ ಎತ್ತಬೇಕು ಎಂದರು. ಹಾಗಾಗಿ ಸೋಮಣ್ಣ ಅವರಿಗೆ ಓಟ್ ಕೊಟ್ಟು ಸೇವೆ ಮಾಡೋದಕ್ಕೆ ಅವಕಾಶ ಮಾಡಿಕೊಡಿ ಎಂದರು. ಈ ಕಾರ್ಯಕ್ರಮದಲ್ಲಿ ಮಾಜಿ ವಿಧಾನ ಪರಿಷತ್ ಸದಸ್ಯ ಹುಲಿ ನಾಯಕ್, ಜೆಡಿಎಸ್ ಜಿಲ್ಲಾಧ್ಯಕ್ಷ ಅಂಜನಪ್ಪ, ಜೆಡಿಎಸ್ ಜಿಲ್ಲಾ ಗೌರವಾಧ್ಯಕ್ಷ ನರಸಿಂಹಮೂರ್ತಿ, ಬಿಜೆಪಿ ಜಿಲ್ಲಾಧ್ಯಕ್ಷ ಹನುಮಂತೇಗೌಡ, ನೀಲಿ ಬಿಂದು ಪ್ರವರ್ತಕ ಧನ್ ರಾಜ್, ಹಂಸವಲ್ಲಿ ರಾಜು, ರೋಜಿ ಮಂಜುನಾಥ್ ಇದ್ದರು. ಪ್ರದೀಪ್ ಸಕ್ಸೇನಾ, ಮಹಿಳಾ ಮೋರ್ಚಾ ಮತ್ತು ಎಲ್ಲಾ ಭಾಗದವರು ಉಪಸ್ಥಿತರಿದ್ದರು.

MUNJANEVARTHE KANNADA DAILY, EDITOR, PRINTER PUBLISHED And OWNED BY H.L.Amaranth, and Printed at: Sree Manjunatha enterprises, No.30Subbannachan Lane 1st Cross, Cottenpet Bangalore-560053,
MOB: 91414 14119 Published at: No.97, 2nd Cross, Vivekananda Nagar, Khadi commision layout, BSK 3rd Stage, Katharaguppe Main Road, Bangalore 560085
